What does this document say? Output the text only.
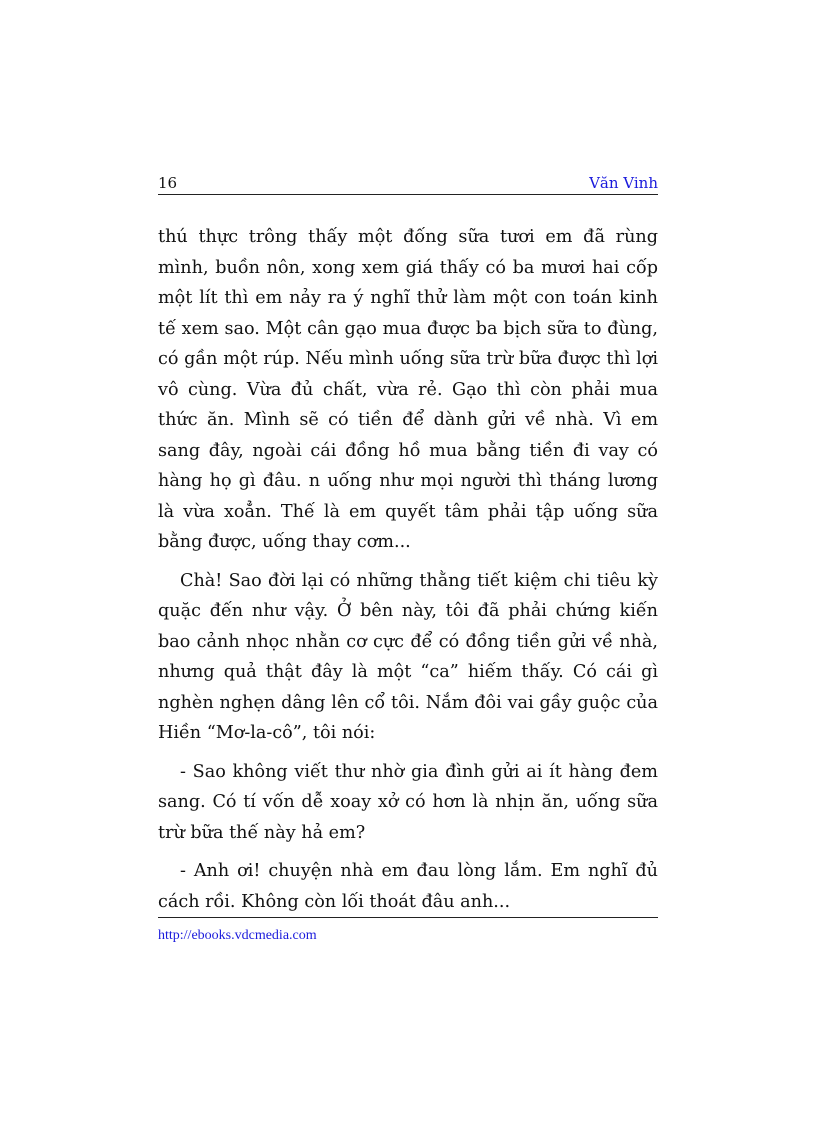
16	Văn Vinh

thú thực trông thấy một đống sữa tươi em đã rùng mình, buồn nôn, xong xem giá thấy có ba mươi hai cốp một lít thì em nảy ra ý nghĩ thử làm một con toán kinh tế xem sao. Một cân gạo mua được ba bịch sữa to đùng, có gần một rúp. Nếu mình uống sữa trừ bữa được thì lợi vô cùng. Vừa đủ chất, vừa rẻ. Gạo thì còn phải mua thức ăn. Mình sẽ có tiền để dành gửi về nhà. Vì em sang đây, ngoài cái đồng hồ mua bằng tiền đi vay có hàng họ gì đâu. n uống như mọi người thì tháng lương là vừa xoẳn. Thế là em quyết tâm phải tập uống sữa bằng được, uống thay cơm...

Chà! Sao đời lại có những thằng tiết kiệm chi tiêu kỳ quặc đến như vậy. Ở bên này, tôi đã phải chứng kiến bao cảnh nhọc nhằn cơ cực để có đồng tiền gửi về nhà, nhưng quả thật đây là một “ca” hiếm thấy. Có cái gì nghèn nghẹn dâng lên cổ tôi. Nắm đôi vai gầy guộc của Hiền “Mơ-la-cô”, tôi nói:

- Sao không viết thư nhờ gia đình gửi ai ít hàng đem sang. Có tí vốn dễ xoay xở có hơn là nhịn ăn, uống sữa trừ bữa thế này hả em?

- Anh ơi! chuyện nhà em đau lòng lắm. Em nghĩ đủ cách rồi. Không còn lối thoát đâu anh...

http://ebooks.vdcmedia.com
